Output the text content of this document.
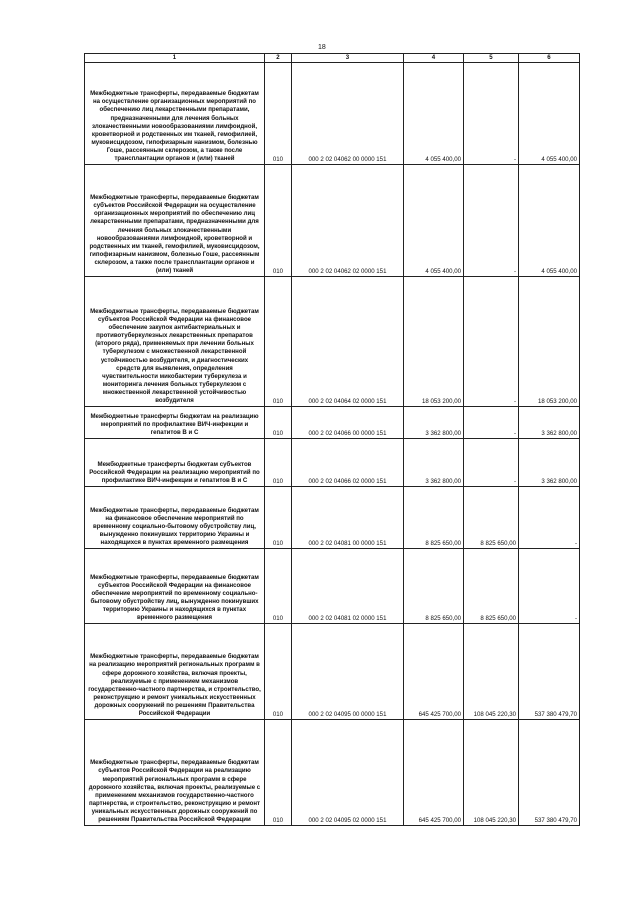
18
1	2	3	4	5	6
Межбюджетные трансферты, передаваемые бюджетам на осуществление организационных мероприятий по обеспечению лиц лекарственными препаратами, предназначенными для лечения больных злокачественными новообразованиями лимфоидной, кроветворной и родственных им тканей, гемофилией, муковисцидозом, гипофизарным нанизмом, болезнью Гоше, рассеянным склерозом, а также после трансплантации органов и (или) тканей	010	000 2 02 04062 00 0000 151	4 055 400,00	-	4 055 400,00
Межбюджетные трансферты, передаваемые бюджетам субъектов Российской Федерации на осуществление организационных мероприятий по обеспечению лиц лекарственными препаратами, предназначенными для лечения больных злокачественными новообразованиями лимфоидной, кроветворной и родственных им тканей, гемофилией, муковисцидозом, гипофизарным нанизмом, болезнью Гоше, рассеянным склерозом, а также после трансплантации органов и (или) тканей	010	000 2 02 04062 02 0000 151	4 055 400,00	-	4 055 400,00
Межбюджетные трансферты, передаваемые бюджетам субъектов Российской Федерации на финансовое обеспечение закупок антибактериальных и противотуберкулезных лекарственных препаратов (второго ряда), применяемых при лечении больных туберкулезом с множественной лекарственной устойчивостью возбудителя, и диагностических средств для выявления, определения чувствительности микобактерии туберкулеза и мониторинга лечения больных туберкулезом с множественной лекарственной устойчивостью возбудителя	010	000 2 02 04064 02 0000 151	18 053 200,00	-	18 053 200,00
Межбюджетные трансферты бюджетам на реализацию мероприятий по профилактике ВИЧ-инфекции и гепатитов B и C	010	000 2 02 04066 00 0000 151	3 362 800,00	-	3 362 800,00
Межбюджетные трансферты бюджетам субъектов Российской Федерации на реализацию мероприятий по профилактике ВИЧ-инфекции и гепатитов B и C	010	000 2 02 04066 02 0000 151	3 362 800,00	-	3 362 800,00
Межбюджетные трансферты, передаваемые бюджетам на финансовое обеспечение мероприятий по временному социально-бытовому обустройству лиц, вынужденно покинувших территорию Украины и находящихся в пунктах временного размещения	010	000 2 02 04081 00 0000 151	8 825 650,00	8 825 650,00	-
Межбюджетные трансферты, передаваемые бюджетам субъектов Российской Федерации на финансовое обеспечение мероприятий по временному социально-бытовому обустройству лиц, вынужденно покинувших территорию Украины и находящихся в пунктах временного размещения	010	000 2 02 04081 02 0000 151	8 825 650,00	8 825 650,00	-
Межбюджетные трансферты, передаваемые бюджетам на реализацию мероприятий региональных программ в сфере дорожного хозяйства, включая проекты, реализуемые с применением механизмов государственно-частного партнерства, и строительство, реконструкцию и ремонт уникальных искусственных дорожных сооружений по решениям Правительства Российской Федерации	010	000 2 02 04095 00 0000 151	645 425 700,00	108 045 220,30	537 380 479,70
Межбюджетные трансферты, передаваемые бюджетам субъектов Российской Федерации на реализацию мероприятий региональных программ в сфере дорожного хозяйства, включая проекты, реализуемые с применением механизмов государственно-частного партнерства, и строительство, реконструкцию и ремонт уникальных искусственных дорожных сооружений по решениям Правительства Российской Федерации	010	000 2 02 04095 02 0000 151	645 425 700,00	108 045 220,30	537 380 479,70
